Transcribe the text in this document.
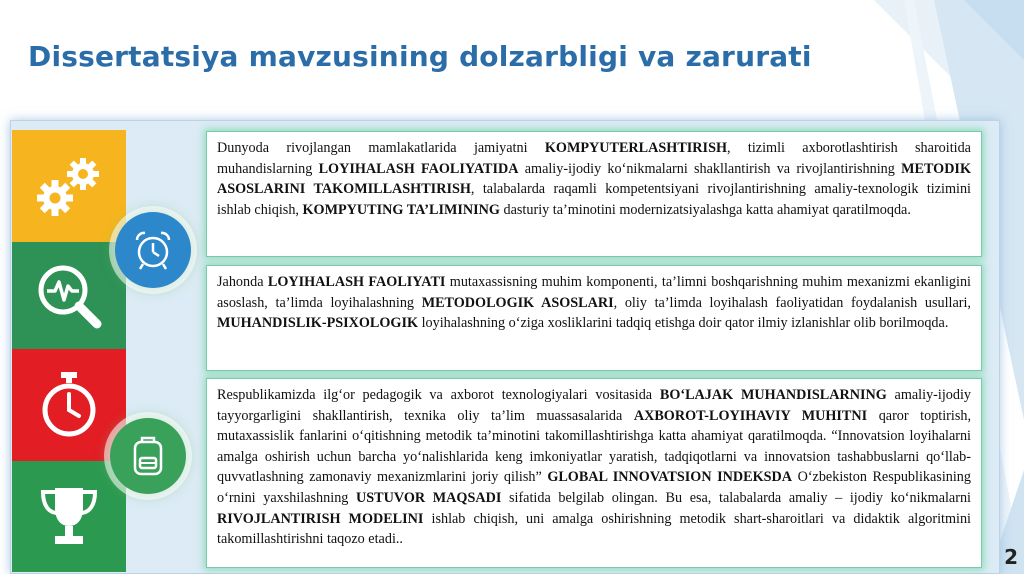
Dissertatsiya mavzusining dolzarbligi va zarurati

Dunyoda rivojlangan mamlakatlarida jamiyatni KOMPYUTERLASHTIRISH, tizimli axborotlashtirish sharoitida muhandislarning LOYIHALASH FAOLIYATIDA amaliy-ijodiy ko‘nikmalarni shakllantirish va rivojlantirishning METODIK ASOSLARINI TAKOMILLASHTIRISH, talabalarda raqamli kompetentsiyani rivojlantirishning amaliy-texnologik tizimini ishlab chiqish, KOMPYUTING TA’LIMINING dasturiy ta’minotini modernizatsiyalashga katta ahamiyat qaratilmoqda.

Jahonda LOYIHALASH FAOLIYATI mutaxassisning muhim komponenti, ta’limni boshqarishning muhim mexanizmi ekanligini asoslash, ta’limda loyihalashning METODOLOGIK ASOSLARI, oliy ta’limda loyihalash faoliyatidan foydalanish usullari, MUHANDISLIK-PSIXOLOGIK loyihalashning o‘ziga xosliklarini tadqiq etishga doir qator ilmiy izlanishlar olib borilmoqda.

Respublikamizda ilg‘or pedagogik va axborot texnologiyalari vositasida BO‘LAJAK MUHANDISLARNING amaliy-ijodiy tayyorgarligini shakllantirish, texnika oliy ta’lim muassasalarida AXBOROT-LOYIHAVIY MUHITNI qaror toptirish, mutaxassislik fanlarini o‘qitishning metodik ta’minotini takomillashtirishga katta ahamiyat qaratilmoqda. “Innovatsion loyihalarni amalga oshirish uchun barcha yo‘nalishlarida keng imkoniyatlar yaratish, tadqiqotlarni va innovatsion tashabbuslarni qo‘llab-quvvatlashning zamonaviy mexanizmlarini joriy qilish” GLOBAL INNOVATSION INDEKSDA O‘zbekiston Respublikasining o‘rnini yaxshilashning USTUVOR MAQSADI sifatida belgilab olingan. Bu esa, talabalarda amaliy – ijodiy ko‘nikmalarni RIVOJLANTIRISH MODELINI ishlab chiqish, uni amalga oshirishning metodik shart-sharoitlari va didaktik algoritmini takomillashtirishni taqozo etadi..

2
